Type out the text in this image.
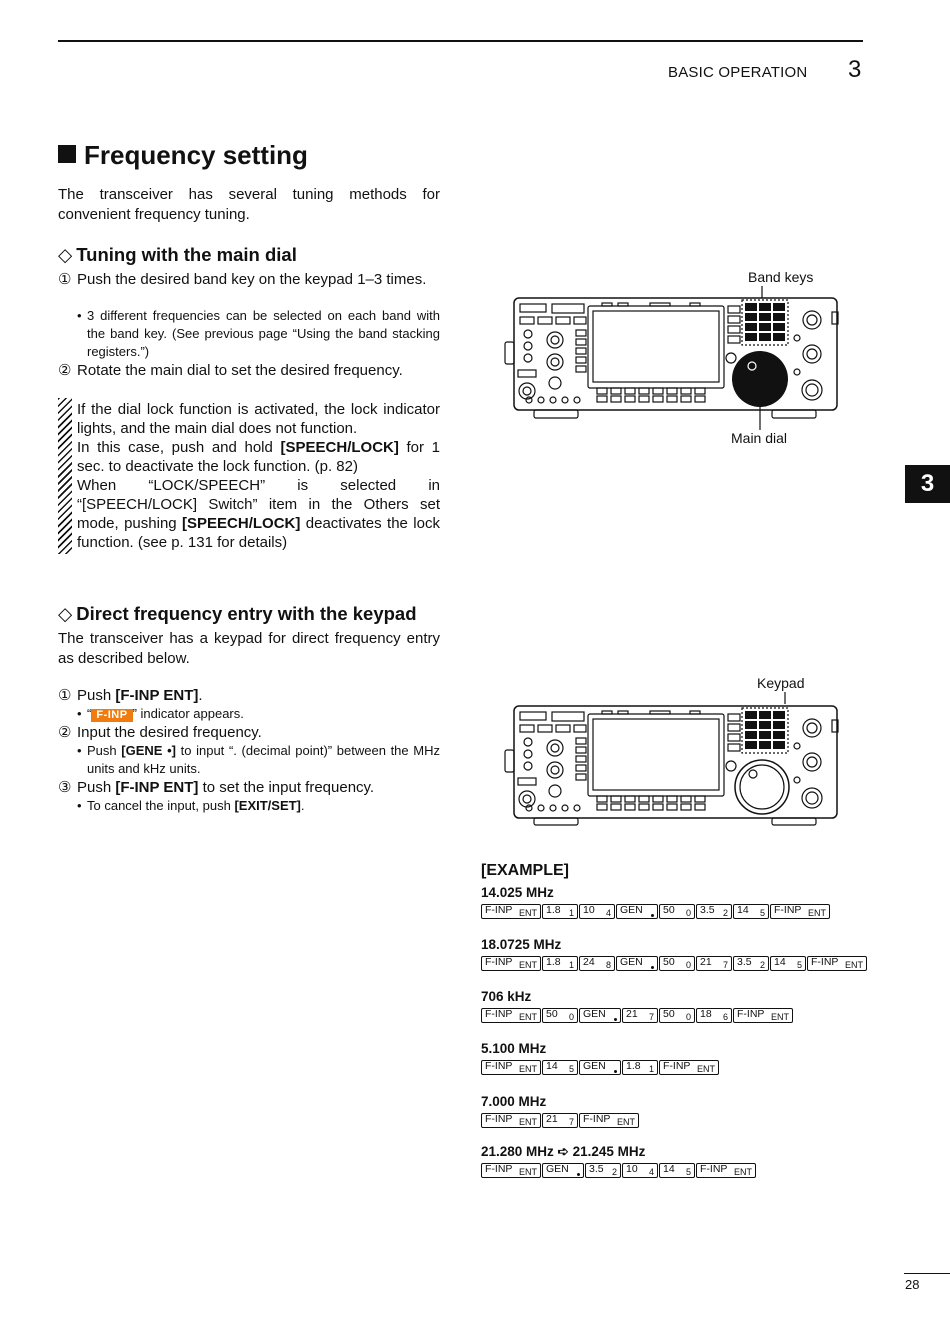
BASIC OPERATION 3
Frequency setting
The transceiver has several tuning methods for convenient frequency tuning.
◇ Tuning with the main dial
① Push the desired band key on the keypad 1–3 times.
• 3 different frequencies can be selected on each band with the band key. (See previous page “Using the band stacking registers.”)
② Rotate the main dial to set the desired frequency.
If the dial lock function is activated, the lock indicator lights, and the main dial does not function.
In this case, push and hold [SPEECH/LOCK] for 1 sec. to deactivate the lock function. (p. 82)
When “LOCK/SPEECH” is selected in “[SPEECH/LOCK] Switch” item in the Others set mode, pushing [SPEECH/LOCK] deactivates the lock function. (see p. 131 for details)
◇ Direct frequency entry with the keypad
The transceiver has a keypad for direct frequency entry as described below.
① Push [F-INP ENT].
• “ F-INP ” indicator appears.
② Input the desired frequency.
• Push [GENE •] to input “. (decimal point)” between the MHz units and kHz units.
③ Push [F-INP ENT] to set the input frequency.
• To cancel the input, push [EXIT/SET].
Band keys
Main dial
Keypad
[EXAMPLE]
14.025 MHz
F-INP ENT 1.8 1 10 4 GEN 50 0 3.5 2 14 5 F-INP ENT
18.0725 MHz
F-INP ENT 1.8 1 24 8 GEN 50 0 21 7 3.5 2 14 5 F-INP ENT
706 kHz
F-INP ENT 50 0 GEN 21 7 50 0 18 6 F-INP ENT
5.100 MHz
F-INP ENT 14 5 GEN 1.8 1 F-INP ENT
7.000 MHz
F-INP ENT 21 7 F-INP ENT
21.280 MHz ➪ 21.245 MHz
F-INP ENT GEN 3.5 2 10 4 14 5 F-INP ENT
3
28
